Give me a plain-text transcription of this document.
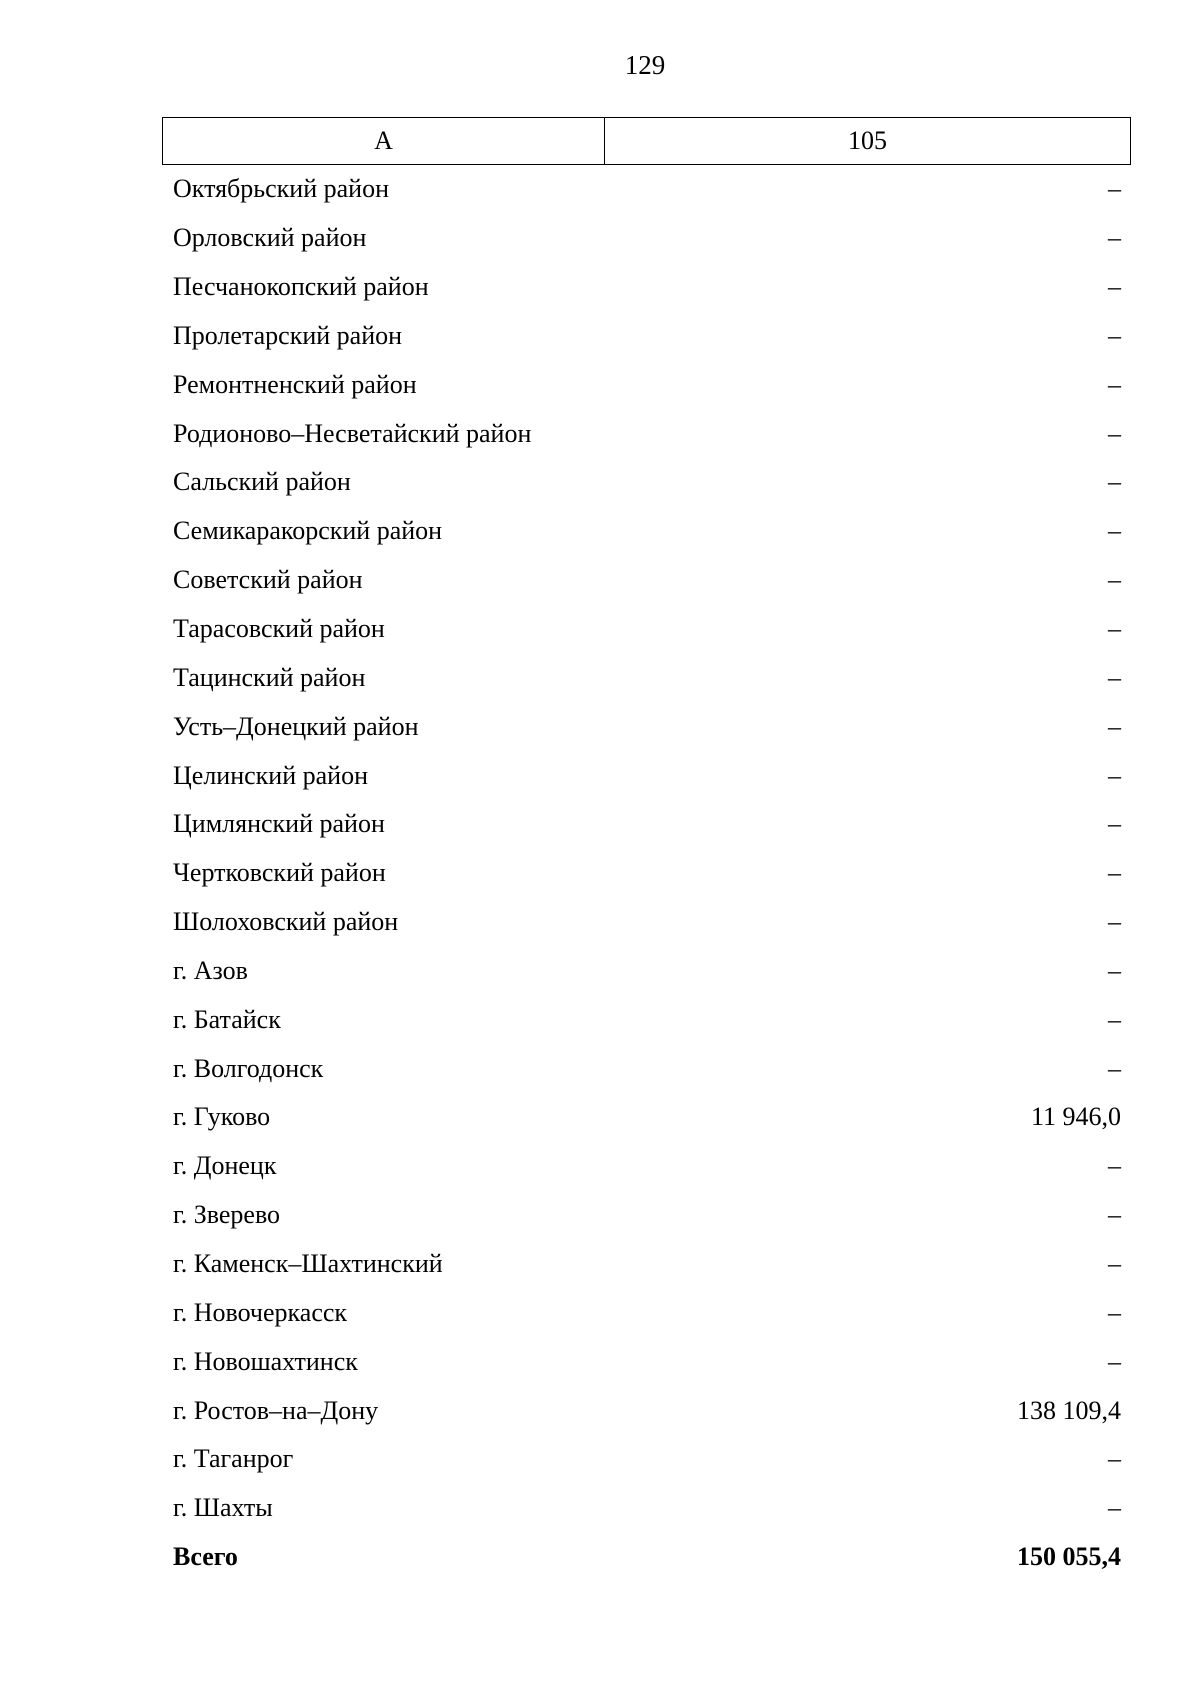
129
А	105
Октябрьский район	–
Орловский район	–
Песчанокопский район	–
Пролетарский район	–
Ремонтненский район	–
Родионово–Несветайский район	–
Сальский район	–
Семикаракорский район	–
Советский район	–
Тарасовский район	–
Тацинский район	–
Усть–Донецкий район	–
Целинский район	–
Цимлянский район	–
Чертковский район	–
Шолоховский район	–
г. Азов	–
г. Батайск	–
г. Волгодонск	–
г. Гуково	11 946,0
г. Донецк	–
г. Зверево	–
г. Каменск–Шахтинский	–
г. Новочеркасск	–
г. Новошахтинск	–
г. Ростов–на–Дону	138 109,4
г. Таганрог	–
г. Шахты	–
Всего	150 055,4
